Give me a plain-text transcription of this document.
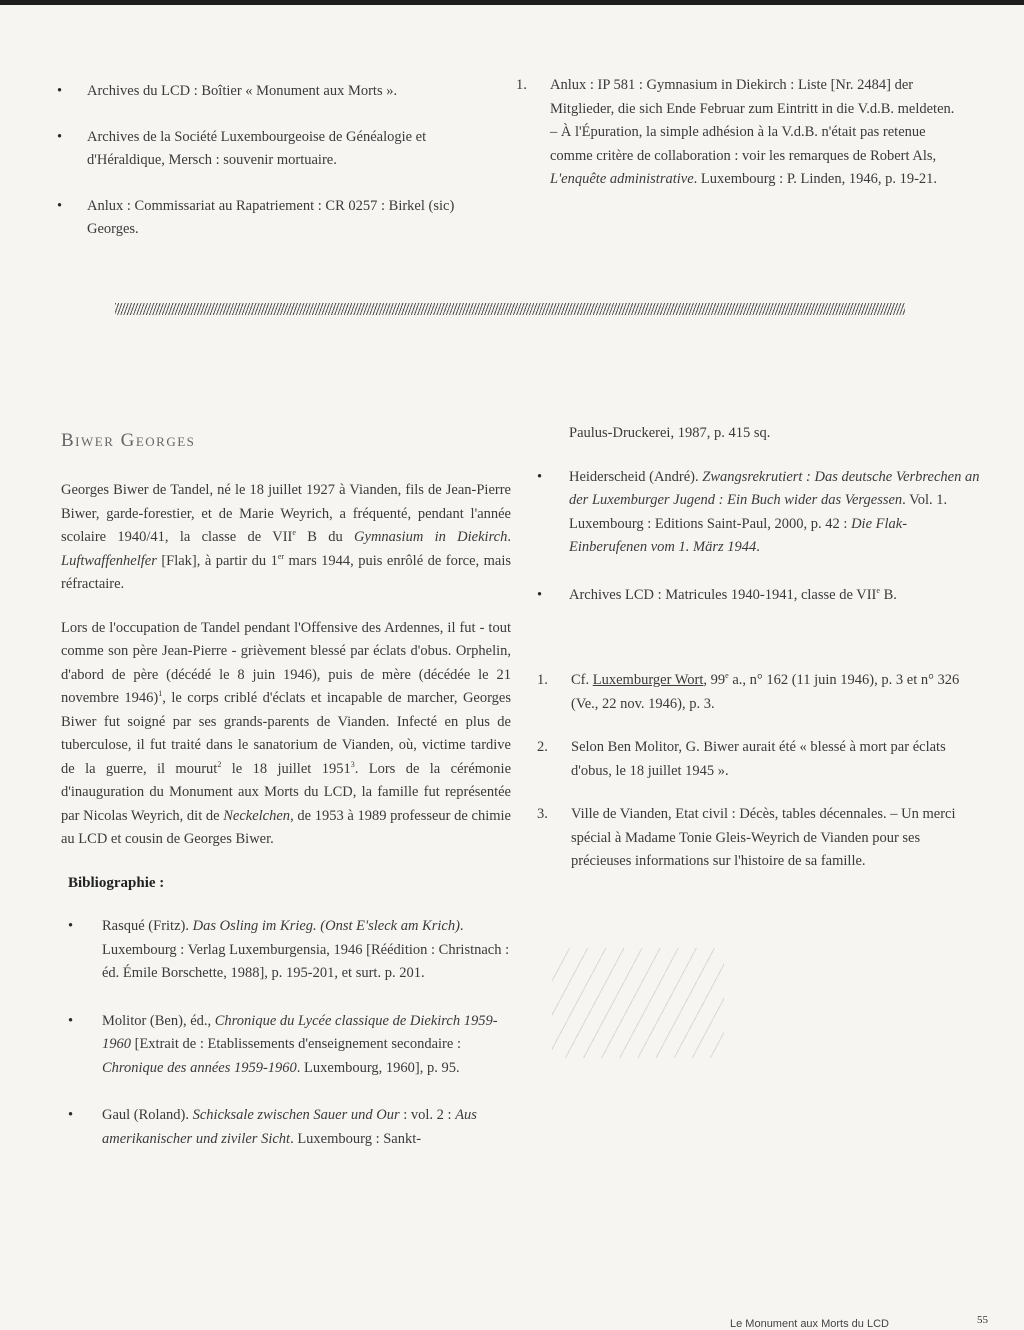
• Archives du LCD : Boîtier « Monument aux Morts ».
• Archives de la Société Luxembourgeoise de Généalogie et d'Héraldique, Mersch : souvenir mortuaire.
• Anlux : Commissariat au Rapatriement : CR 0257 : Birkel (sic) Georges.
1. Anlux : IP 581 : Gymnasium in Diekirch : Liste [Nr. 2484] der Mitglieder, die sich Ende Februar zum Eintritt in die V.d.B. meldeten. – À l'Épuration, la simple adhésion à la V.d.B. n'était pas retenue comme critère de collaboration : voir les remarques de Robert Als, L'enquête administrative. Luxembourg : P. Linden, 1946, p. 19-21.
Biwer Georges

Georges Biwer de Tandel, né le 18 juillet 1927 à Vianden, fils de Jean-Pierre Biwer, garde-forestier, et de Marie Weyrich, a fréquenté, pendant l'année scolaire 1940/41, la classe de VIIe B du Gymnasium in Diekirch. Luftwaffenhelfer [Flak], à partir du 1er mars 1944, puis enrôlé de force, mais réfractaire.

Lors de l'occupation de Tandel pendant l'Offensive des Ardennes, il fut - tout comme son père Jean-Pierre - grièvement blessé par éclats d'obus. Orphelin, d'abord de père (décédé le 8 juin 1946), puis de mère (décédée le 21 novembre 1946)$^1$, le corps criblé d'éclats et incapable de marcher, Georges Biwer fut soigné par ses grands-parents de Vianden. Infecté en plus de tuberculose, il fut traité dans le sanatorium de Vianden, où, victime tardive de la guerre, il mourut$^2$ le 18 juillet 1951$^3$. Lors de la cérémonie d'inauguration du Monument aux Morts du LCD, la famille fut représentée par Nicolas Weyrich, dit de Neckelchen, de 1953 à 1989 professeur de chimie au LCD et cousin de Georges Biwer.

Bibliographie :

• Rasqué (Fritz). Das Osling im Krieg. (Onst E'sleck am Krich). Luxembourg : Verlag Luxemburgensia, 1946 [Réédition : Christnach : éd. Émile Borschette, 1988], p. 195-201, et surt. p. 201.
• Molitor (Ben), éd., Chronique du Lycée classique de Diekirch 1959-1960 [Extrait de : Etablissements d'enseignement secondaire : Chronique des années 1959-1960. Luxembourg, 1960], p. 95.
• Gaul (Roland). Schicksale zwischen Sauer und Our : vol. 2 : Aus amerikanischer und ziviler Sicht. Luxembourg : Sankt-

Paulus-Druckerei, 1987, p. 415 sq.

• Heiderscheid (André). Zwangsrekrutiert : Das deutsche Verbrechen an der Luxemburger Jugend : Ein Buch wider das Vergessen. Vol. 1. Luxembourg : Editions Saint-Paul, 2000, p. 42 : Die Flak-Einberufenen vom 1. März 1944.
• Archives LCD : Matricules 1940-1941, classe de VIIe B.
1. Cf. Luxemburger Wort, 99e a., n° 162 (11 juin 1946), p. 3 et n° 326 (Ve., 22 nov. 1946), p. 3.
2. Selon Ben Molitor, G. Biwer aurait été « blessé à mort par éclats d'obus, le 18 juillet 1945 ».
3. Ville de Vianden, Etat civil : Décès, tables décennales. – Un merci spécial à Madame Tonie Gleis-Weyrich de Vianden pour ses précieuses informations sur l'histoire de sa famille.
Le Monument aux Morts du LCD	55
